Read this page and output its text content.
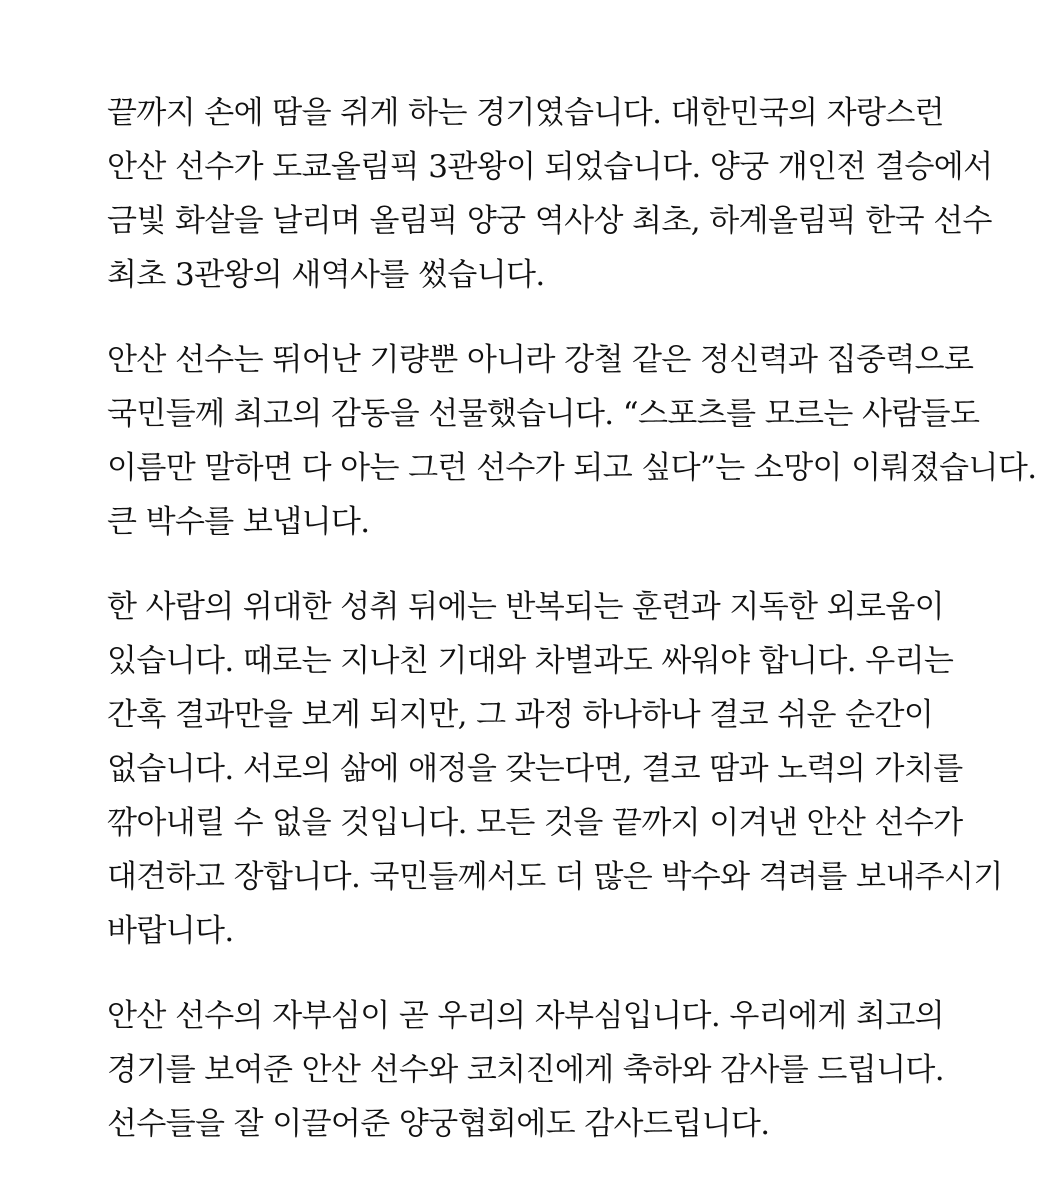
끝까지 손에 땀을 쥐게 하는 경기였습니다. 대한민국의 자랑스런
안산 선수가 도쿄올림픽 3관왕이 되었습니다. 양궁 개인전 결승에서
금빛 화살을 날리며 올림픽 양궁 역사상 최초, 하계올림픽 한국 선수
최초 3관왕의 새역사를 썼습니다.
안산 선수는 뛰어난 기량뿐 아니라 강철 같은 정신력과 집중력으로
국민들께 최고의 감동을 선물했습니다. “스포츠를 모르는 사람들도
이름만 말하면 다 아는 그런 선수가 되고 싶다”는 소망이 이뤄졌습니다.
큰 박수를 보냅니다.
한 사람의 위대한 성취 뒤에는 반복되는 훈련과 지독한 외로움이
있습니다. 때로는 지나친 기대와 차별과도 싸워야 합니다. 우리는
간혹 결과만을 보게 되지만, 그 과정 하나하나 결코 쉬운 순간이
없습니다. 서로의 삶에 애정을 갖는다면, 결코 땀과 노력의 가치를
깎아내릴 수 없을 것입니다. 모든 것을 끝까지 이겨낸 안산 선수가
대견하고 장합니다. 국민들께서도 더 많은 박수와 격려를 보내주시기
바랍니다.
안산 선수의 자부심이 곧 우리의 자부심입니다. 우리에게 최고의
경기를 보여준 안산 선수와 코치진에게 축하와 감사를 드립니다.
선수들을 잘 이끌어준 양궁협회에도 감사드립니다.
